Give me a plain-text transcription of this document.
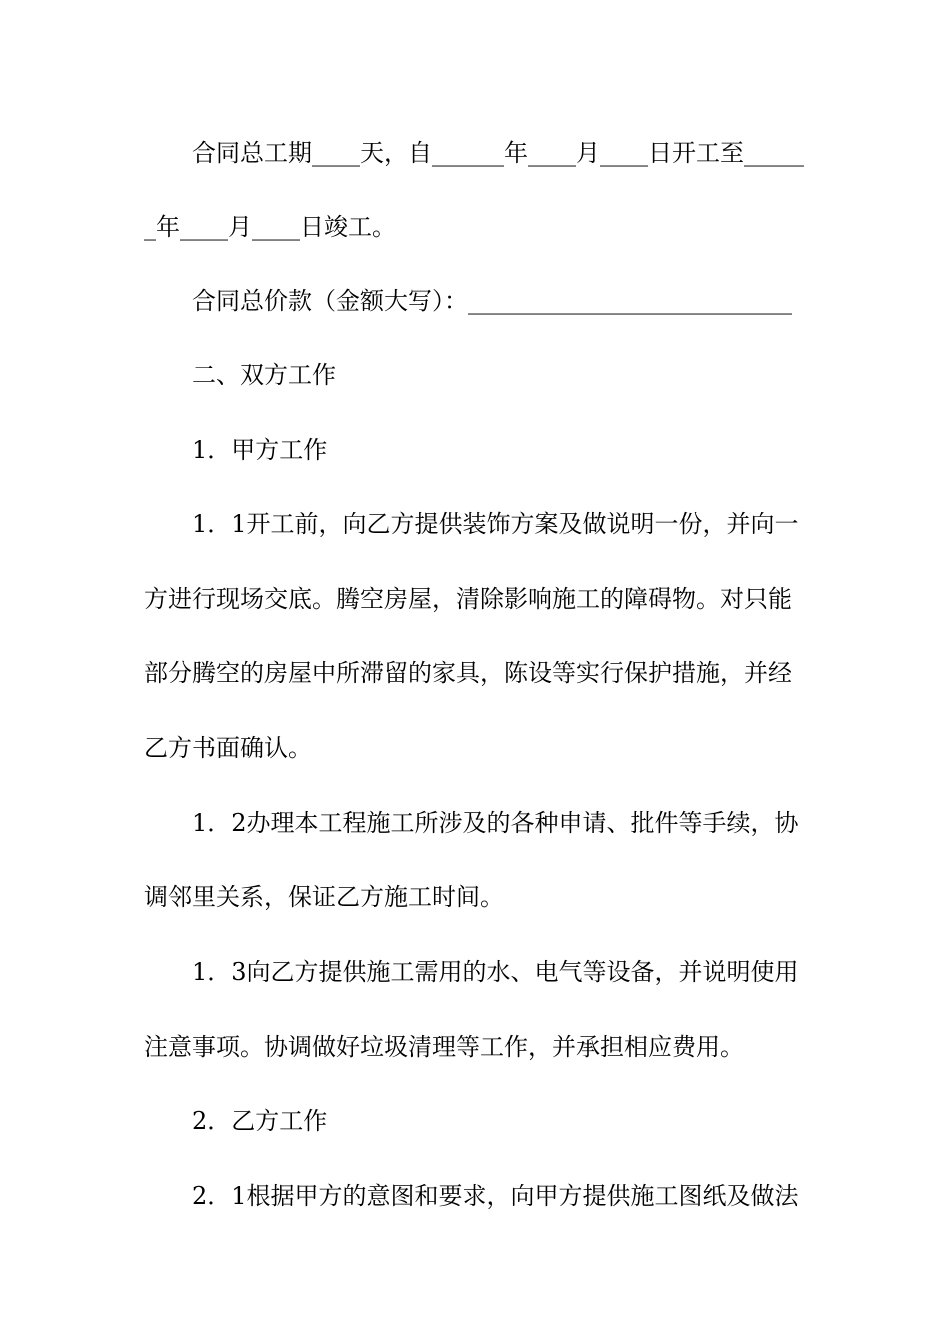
合同总工期____天，自______年____月____日开工至_____
_年____月____日竣工。
合同总价款（金额大写）：___________________________
二、双方工作
1．甲方工作
1．1开工前，向乙方提供装饰方案及做说明一份，并向一
方进行现场交底。腾空房屋，清除影响施工的障碍物。对只能
部分腾空的房屋中所滞留的家具，陈设等实行保护措施，并经
乙方书面确认。
1．2办理本工程施工所涉及的各种申请、批件等手续，协
调邻里关系，保证乙方施工时间。
1．3向乙方提供施工需用的水、电气等设备，并说明使用
注意事项。协调做好垃圾清理等工作，并承担相应费用。
2．乙方工作
2．1根据甲方的意图和要求，向甲方提供施工图纸及做法
